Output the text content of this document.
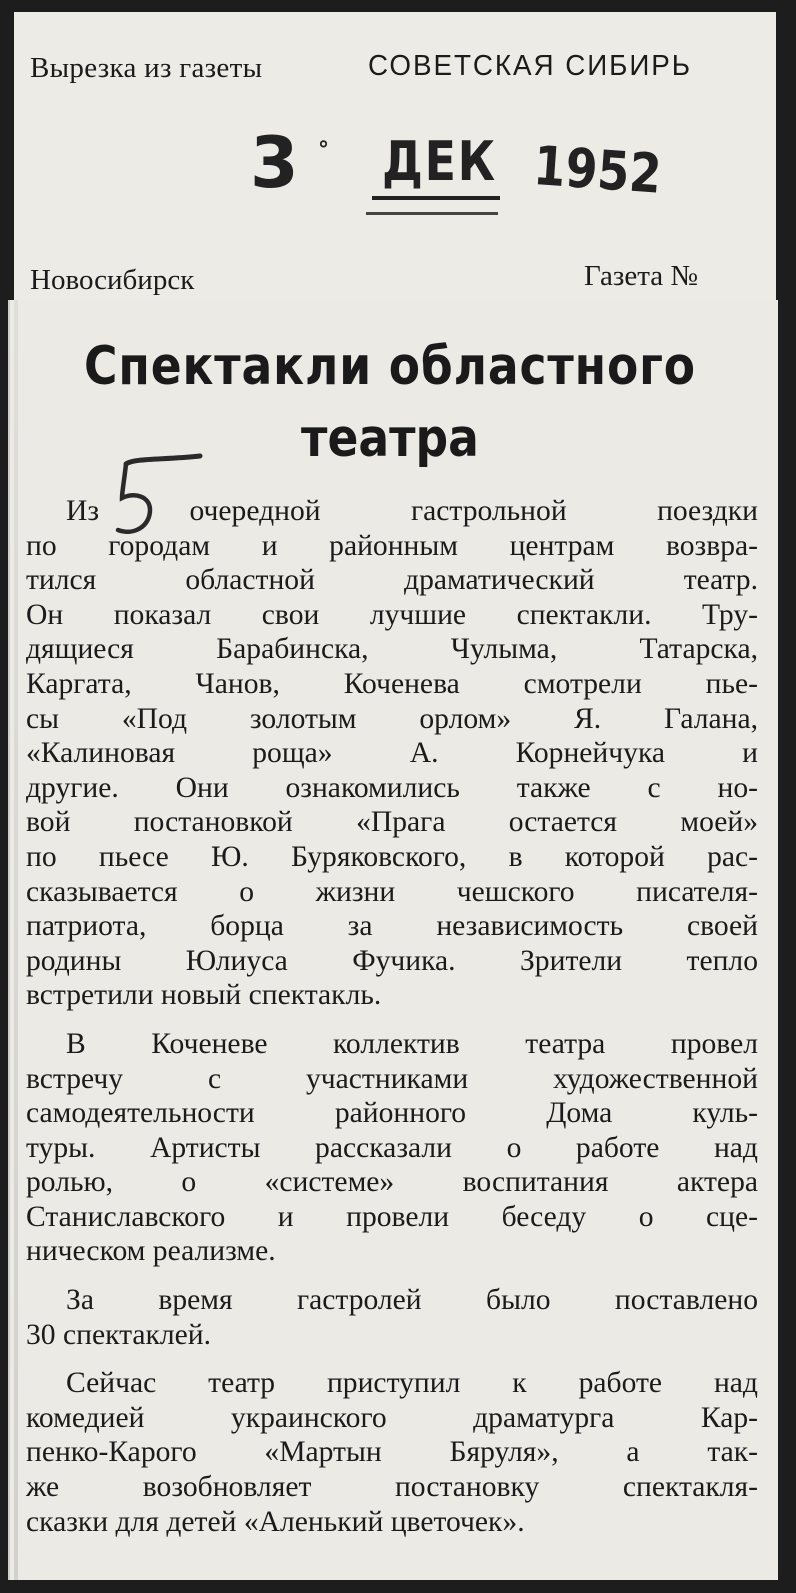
Вырезка из газеты	СОВЕТСКАЯ СИБИРЬ
3 ° ДЕК 1952
Новосибирск	Газета №
Спектакли областного
театра
Из очередной гастрольной поездки
по городам и районным центрам возвра-
тился областной драматический театр.
Он показал свои лучшие спектакли. Тру-
дящиеся Барабинска, Чулыма, Татарска,
Каргата, Чанов, Коченева смотрели пье-
сы «Под золотым орлом» Я. Галана,
«Калиновая роща» А. Корнейчука и
другие. Они ознакомились также с но-
вой постановкой «Прага остается моей»
по пьесе Ю. Буряковского, в которой рас-
сказывается о жизни чешского писателя-
патриота, борца за независимость своей
родины Юлиуса Фучика. Зрители тепло
встретили новый спектакль.
В Коченеве коллектив театра провел
встречу с участниками художественной
самодеятельности районного Дома куль-
туры. Артисты рассказали о работе над
ролью, о «системе» воспитания актера
Станиславского и провели беседу о сце-
ническом реализме.
За время гастролей было поставлено
30 спектаклей.
Сейчас театр приступил к работе над
комедией украинского драматурга Кар-
пенко-Карого «Мартын Бяруля», а так-
же возобновляет постановку спектакля-
сказки для детей «Аленький цветочек».
